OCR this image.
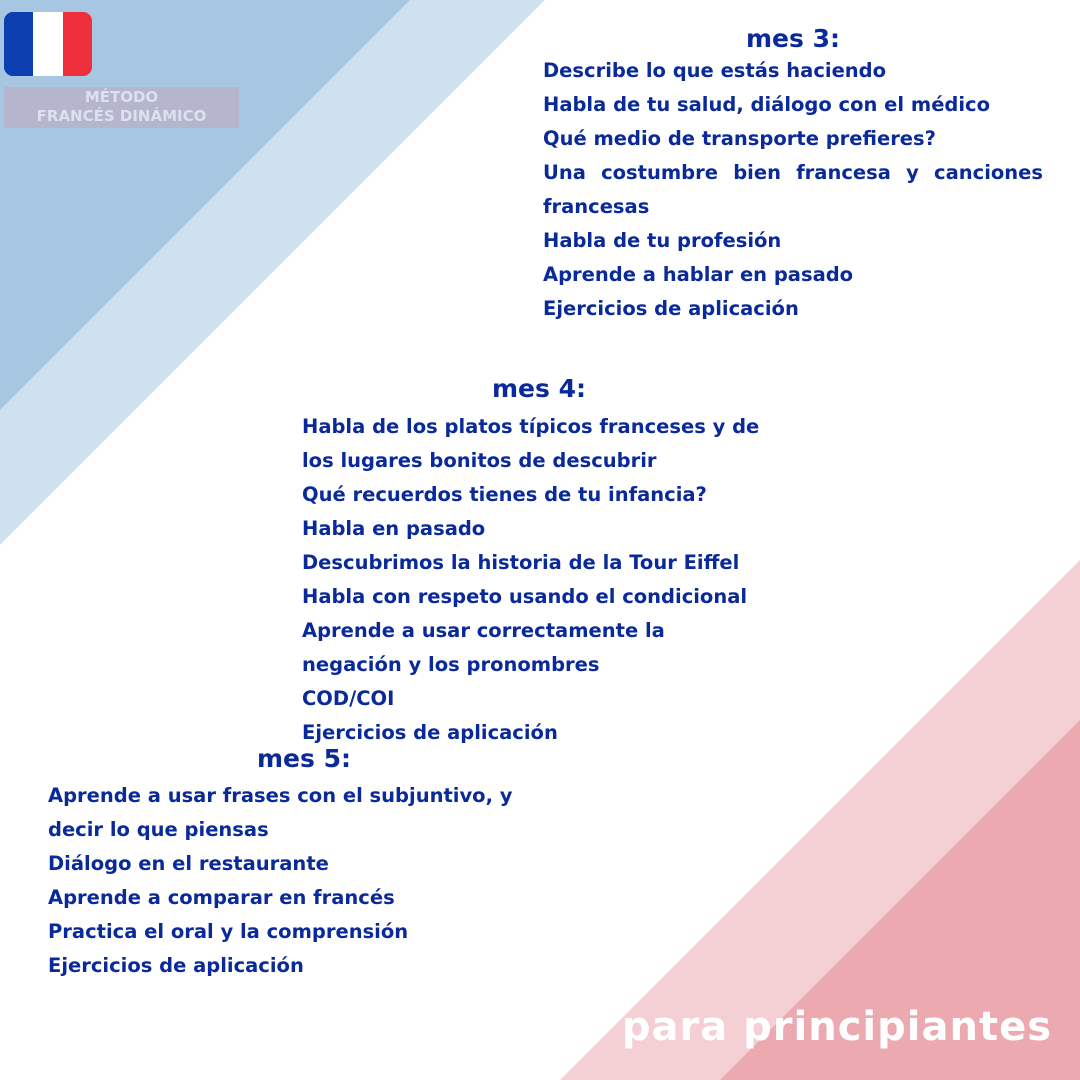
MÉTODO
FRANCÉS DINÁMICO
mes 3:
Describe lo que estás haciendo
Habla de tu salud, diálogo con el médico
Qué medio de transporte prefieres?
Una costumbre bien francesa y canciones francesas
Habla de tu profesión
Aprende a hablar en pasado
Ejercicios de aplicación
mes 4:
Habla de los platos típicos franceses y de los lugares bonitos de descubrir
Qué recuerdos tienes de tu infancia?
Habla en pasado
Descubrimos la historia de la Tour Eiffel
Habla con respeto usando el condicional
Aprende a usar correctamente la negación y los pronombres COD/COI
Ejercicios de aplicación
mes 5:
Aprende a usar frases con el subjuntivo, y decir lo que piensas
Diálogo en el restaurante
Aprende a comparar en francés
Practica el oral y la comprensión
Ejercicios de aplicación
para principiantes
